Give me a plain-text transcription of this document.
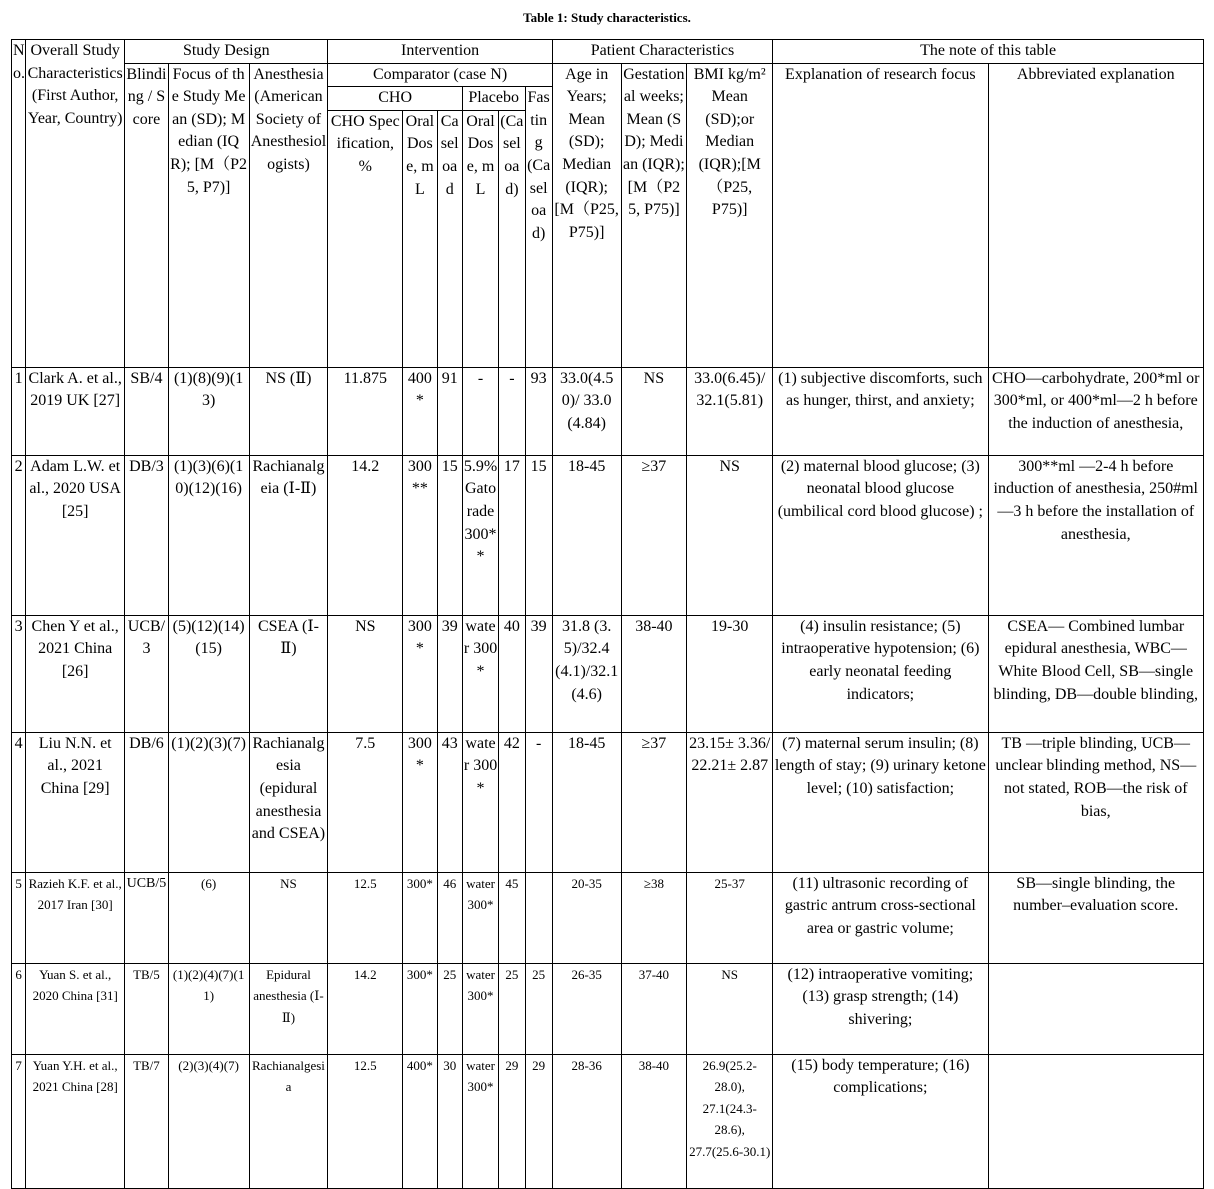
Table 1: Study characteristics.
No.	Overall Study Characteristics (First Author, Year, Country)	Study Design			Intervention						Patient Characteristics			The note of this table	
		Blinding / Score	Focus of the Study Mean (SD); Median (IQR); [M（P25, P7)]	Anesthesia (American Society of Anesthesiologists)	Comparator (case N)						Age in Years; Mean (SD); Median (IQR); [M（P25, P75)]	Gestational weeks; Mean (SD); Median (IQR);[M（P25, P75)]	BMI kg/m² Mean (SD);or Median (IQR);[M（P25, P75)]	Explanation of research focus	Abbreviated explanation
					CHO			Placebo		Fasting (Caseload)					
					CHO Specification, %	Oral Dose, mL	Caseload	Oral Dose, mL	(Caseload)						
1	Clark A. et al., 2019 UK [27]	SB/4	(1)(8)(9)(13)	NS (Ⅱ)	11.875	400*	91	-	-	93	33.0(4.50)/ 33.0 (4.84)	NS	33.0(6.45)/ 32.1(5.81)	(1) subjective discomforts, such as hunger, thirst, and anxiety;	CHO—carbohydrate, 200*ml or 300*ml, or 400*ml—2 h before the induction of anesthesia,
2	Adam L.W. et al., 2020 USA [25]	DB/3	(1)(3)(6)(10)(12)(16)	Rachianalgeia (Ⅰ-Ⅱ)	14.2	300**	15	5.9% Gatorade 300**	17	15	18-45	≥37	NS	(2) maternal blood glucose; (3) neonatal blood glucose (umbilical cord blood glucose) ;	300**ml —2-4 h before induction of anesthesia, 250#ml—3 h before the installation of anesthesia,
3	Chen Y et al., 2021 China [26]	UCB/3	(5)(12)(14)(15)	CSEA (Ⅰ-Ⅱ)	NS	300*	39	water 300*	40	39	31.8 (3.5)/32.4 (4.1)/32.1 (4.6)	38-40	19-30	(4) insulin resistance; (5) intraoperative hypotension; (6) early neonatal feeding indicators;	CSEA— Combined lumbar epidural anesthesia, WBC—White Blood Cell, SB—single blinding, DB—double blinding,
4	Liu N.N. et al., 2021 China [29]	DB/6	(1)(2)(3)(7)	Rachianalgesia (epidural anesthesia and CSEA)	7.5	300*	43	water 300*	42	-	18-45	≥37	23.15± 3.36/ 22.21± 2.87	(7) maternal serum insulin; (8) length of stay; (9) urinary ketone level; (10) satisfaction;	TB —triple blinding, UCB—unclear blinding method, NS—not stated, ROB—the risk of bias,
5	Razieh K.F. et al., 2017 Iran [30]	UCB/5	(6)	NS	12.5	300*	46	water 300*	45		20-35	≥38	25-37	(11) ultrasonic recording of gastric antrum cross-sectional area or gastric volume;	SB—single blinding, the number–evaluation score.
6	Yuan S. et al., 2020 China [31]	TB/5	(1)(2)(4)(7)(11)	Epidural anesthesia (Ⅰ-Ⅱ)	14.2	300*	25	water 300*	25	25	26-35	37-40	NS	(12) intraoperative vomiting; (13) grasp strength; (14) shivering;	
7	Yuan Y.H. et al., 2021 China [28]	TB/7	(2)(3)(4)(7)	Rachianalgesia	12.5	400*	30	water 300*	29	29	28-36	38-40	26.9(25.2-28.0), 27.1(24.3-28.6), 27.7(25.6-30.1)	(15) body temperature; (16) complications;	
